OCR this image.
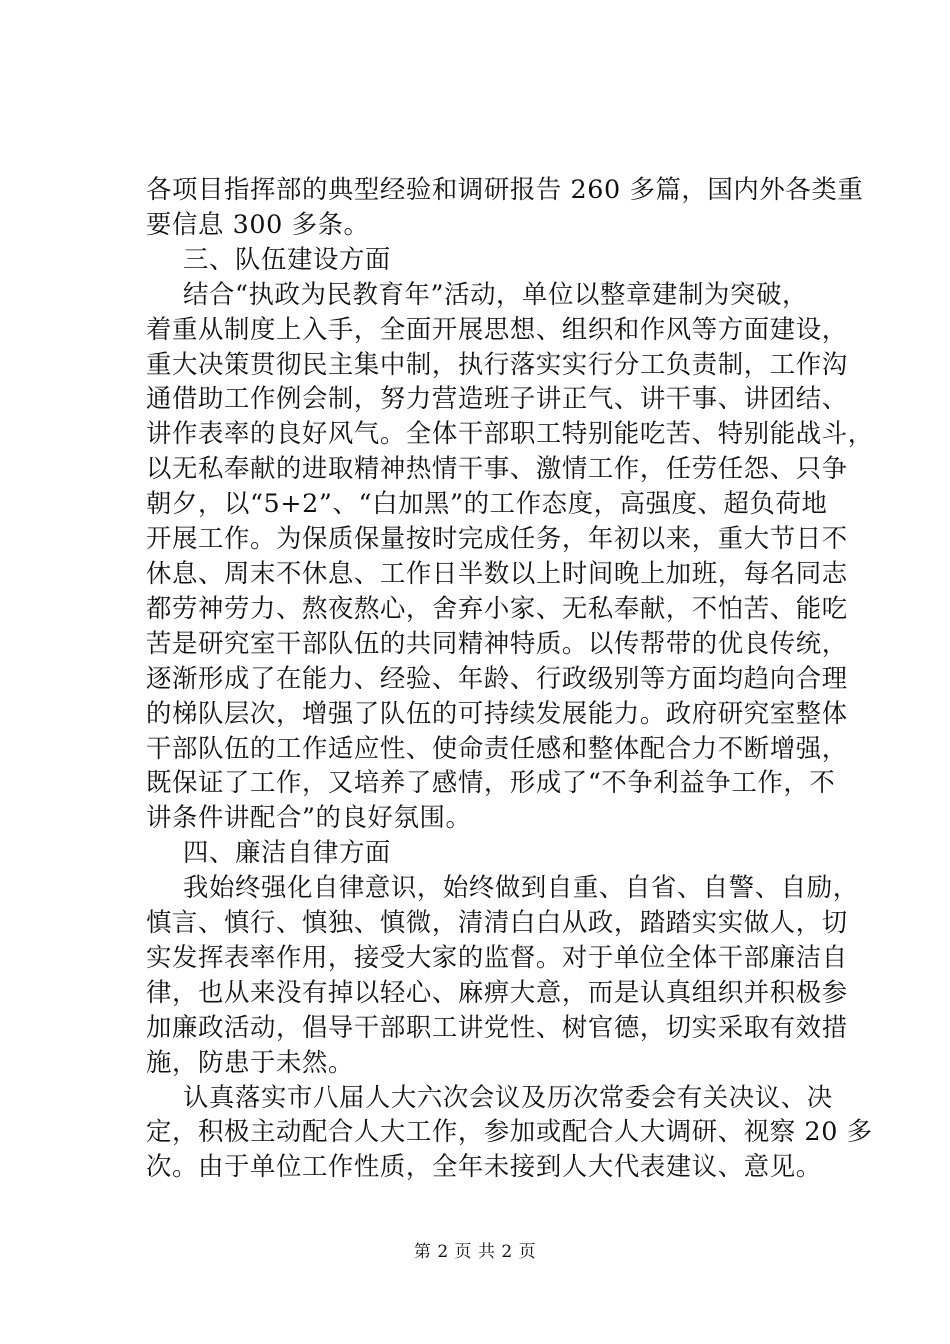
各项目指挥部的典型经验和调研报告 260 多篇，国内外各类重
要信息 300 多条。
三、队伍建设方面
结合“执政为民教育年”活动，单位以整章建制为突破，
着重从制度上入手，全面开展思想、组织和作风等方面建设，
重大决策贯彻民主集中制，执行落实实行分工负责制，工作沟
通借助工作例会制，努力营造班子讲正气、讲干事、讲团结、
讲作表率的良好风气。全体干部职工特别能吃苦、特别能战斗，
以无私奉献的进取精神热情干事、激情工作，任劳任怨、只争
朝夕，以“5+2”、“白加黑”的工作态度，高强度、超负荷地
开展工作。为保质保量按时完成任务，年初以来，重大节日不
休息、周末不休息、工作日半数以上时间晚上加班，每名同志
都劳神劳力、熬夜熬心，舍弃小家、无私奉献，不怕苦、能吃
苦是研究室干部队伍的共同精神特质。以传帮带的优良传统，
逐渐形成了在能力、经验、年龄、行政级别等方面均趋向合理
的梯队层次，增强了队伍的可持续发展能力。政府研究室整体
干部队伍的工作适应性、使命责任感和整体配合力不断增强，
既保证了工作，又培养了感情，形成了“不争利益争工作，不
讲条件讲配合”的良好氛围。
四、廉洁自律方面
我始终强化自律意识，始终做到自重、自省、自警、自励，
慎言、慎行、慎独、慎微，清清白白从政，踏踏实实做人，切
实发挥表率作用，接受大家的监督。对于单位全体干部廉洁自
律，也从来没有掉以轻心、麻痹大意，而是认真组织并积极参
加廉政活动，倡导干部职工讲党性、树官德，切实采取有效措
施，防患于未然。
认真落实市八届人大六次会议及历次常委会有关决议、决
定，积极主动配合人大工作，参加或配合人大调研、视察 20 多
次。由于单位工作性质，全年未接到人大代表建议、意见。
第 2 页 共 2 页
